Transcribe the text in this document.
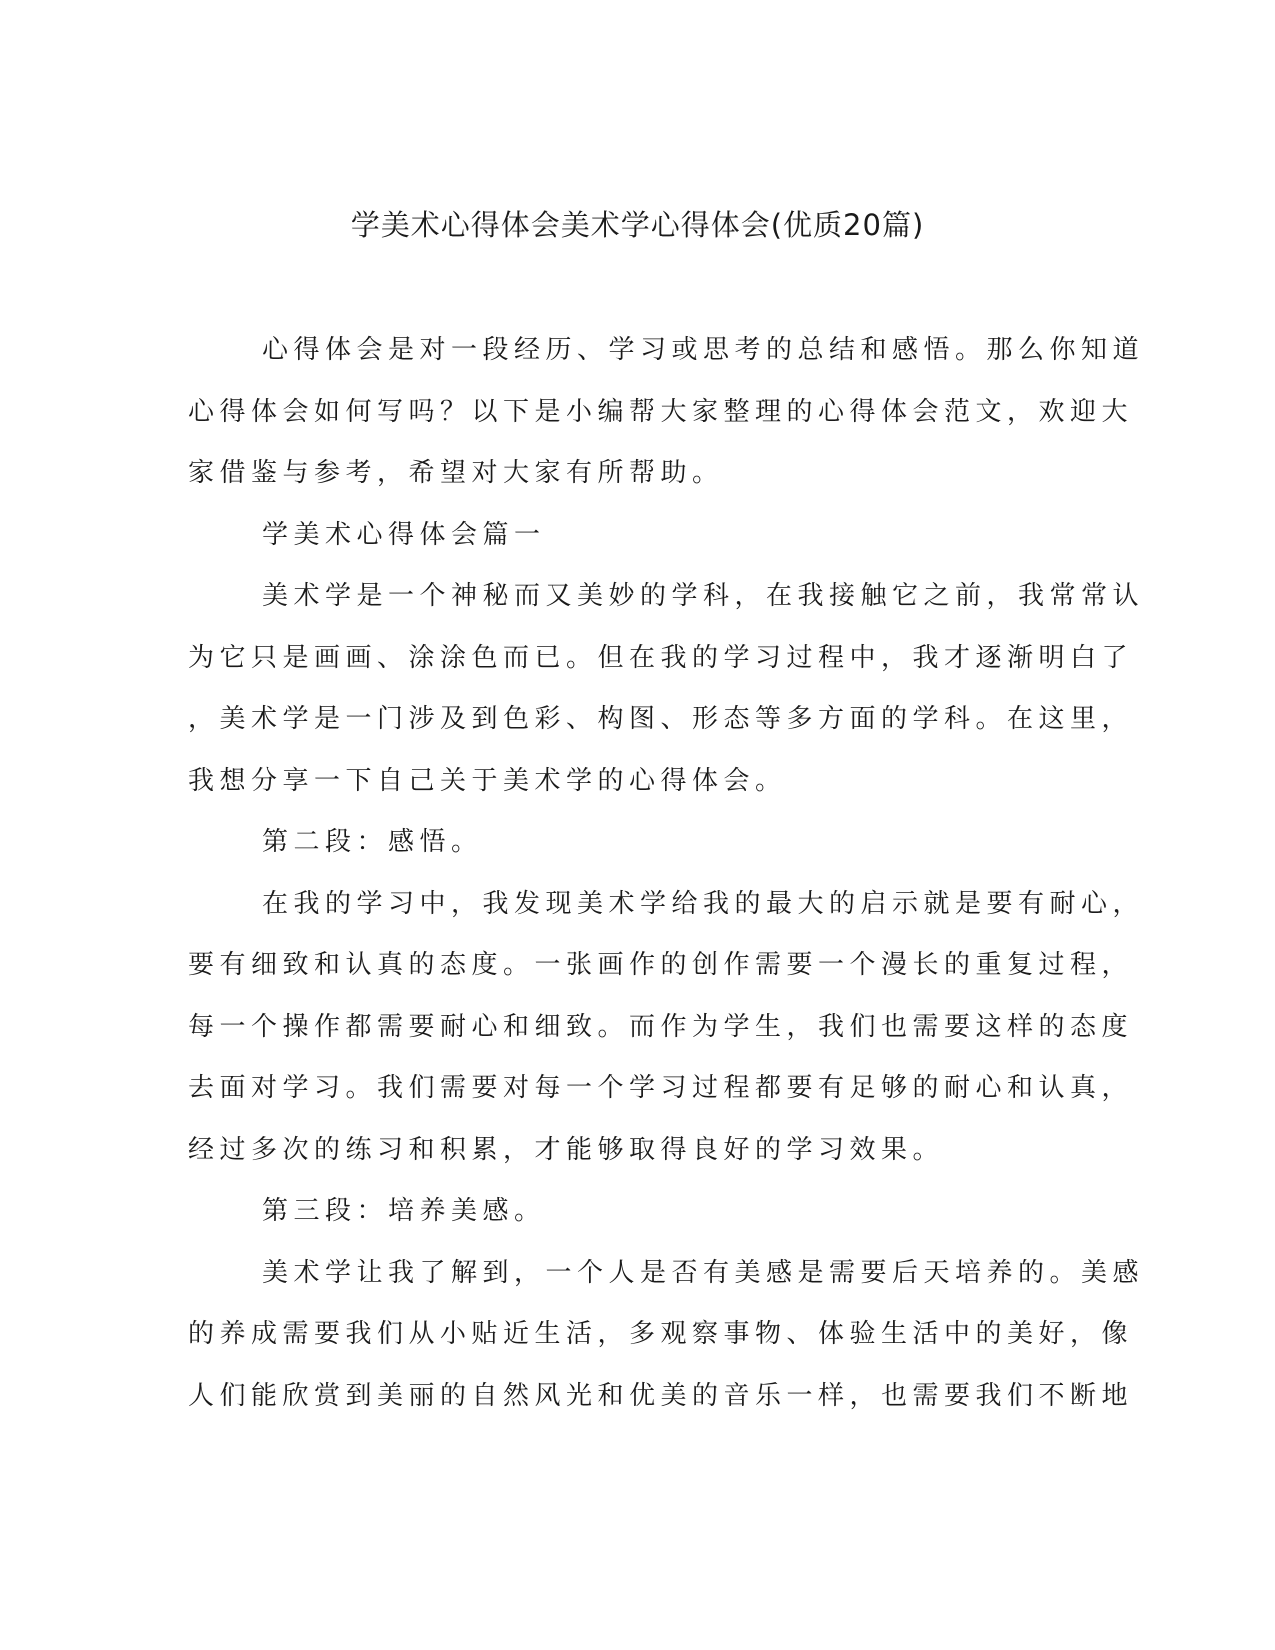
学美术心得体会美术学心得体会(优质20篇)

心得体会是对一段经历、学习或思考的总结和感悟。那么你知道

心得体会如何写吗？以下是小编帮大家整理的心得体会范文，欢迎大

家借鉴与参考，希望对大家有所帮助。

学美术心得体会篇一

美术学是一个神秘而又美妙的学科，在我接触它之前，我常常认

为它只是画画、涂涂色而已。但在我的学习过程中，我才逐渐明白了

，美术学是一门涉及到色彩、构图、形态等多方面的学科。在这里，

我想分享一下自己关于美术学的心得体会。

第二段：感悟。

在我的学习中，我发现美术学给我的最大的启示就是要有耐心，

要有细致和认真的态度。一张画作的创作需要一个漫长的重复过程，

每一个操作都需要耐心和细致。而作为学生，我们也需要这样的态度

去面对学习。我们需要对每一个学习过程都要有足够的耐心和认真，

经过多次的练习和积累，才能够取得良好的学习效果。

第三段：培养美感。

美术学让我了解到，一个人是否有美感是需要后天培养的。美感

的养成需要我们从小贴近生活，多观察事物、体验生活中的美好，像

人们能欣赏到美丽的自然风光和优美的音乐一样，也需要我们不断地
